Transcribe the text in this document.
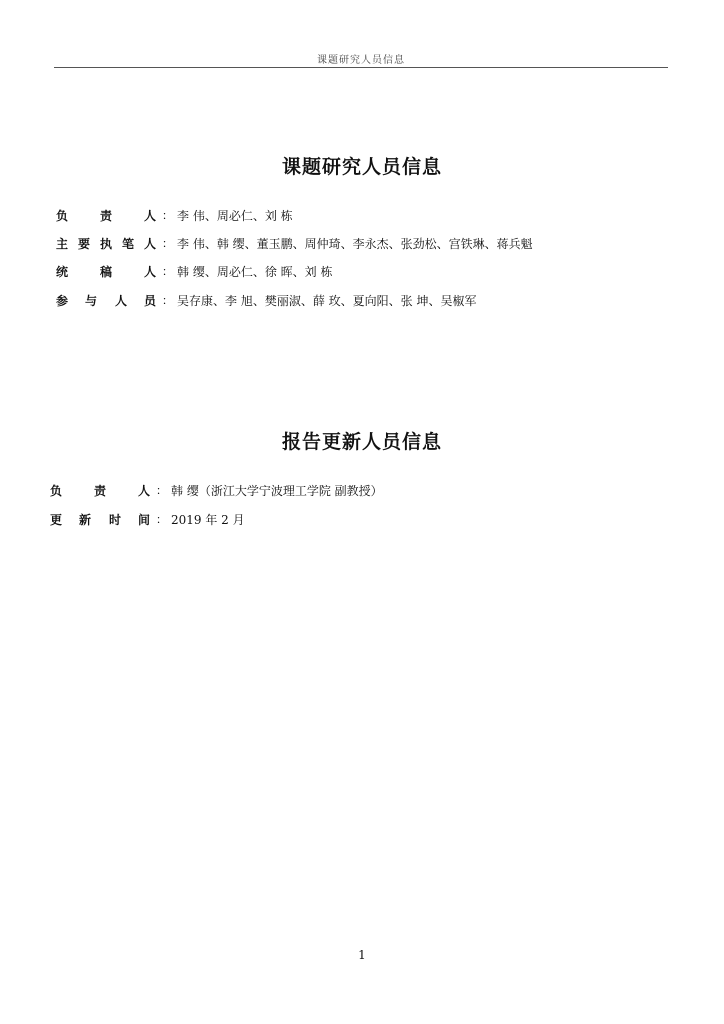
课题研究人员信息
课题研究人员信息
负	责	人 ： 李 伟、周必仁、刘 栋
主 要 执 笔 人 ： 李 伟、韩 缨、董玉鹏、周仲琦、李永杰、张劲松、宫铁琳、蒋兵魁
统	稿	人 ： 韩 缨、周必仁、徐 晖、刘 栋
参 与 人 员 ： 吴存康、李 旭、樊丽淑、薛 玫、夏向阳、张 坤、吴椒军
报告更新人员信息
负	责	人 ： 韩 缨（浙江大学宁波理工学院 副教授）
更 新 时 间 ： 2019 年 2 月
1
